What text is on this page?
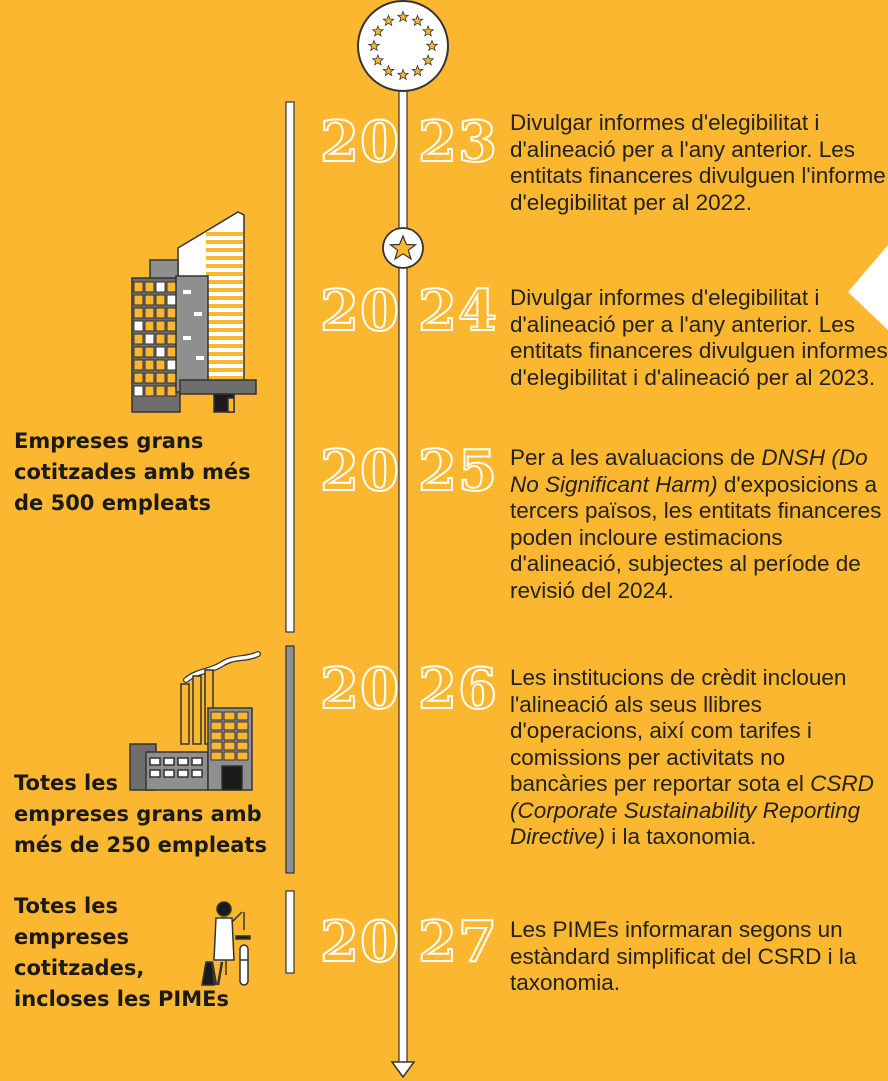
20 23
20 24
20 25
20 26
20 27

Divulgar informes d'elegibilitat i d'alineació per a l'any anterior. Les entitats financeres divulguen l'informe d'elegibilitat per al 2022.

Divulgar informes d'elegibilitat i d'alineació per a l'any anterior. Les entitats financeres divulguen informes d'elegibilitat i d'alineació per al 2023.

Per a les avaluacions de DNSH (Do No Significant Harm) d'exposicions a tercers països, les entitats financeres poden incloure estimacions d'alineació, subjectes al període de revisió del 2024.

Les institucions de crèdit inclouen l'alineació als seus llibres d'operacions, així com tarifes i comissions per activitats no bancàries per reportar sota el CSRD (Corporate Sustainability Reporting Directive) i la taxonomia.

Les PIMEs informaran segons un estàndard simplificat del CSRD i la taxonomia.

Empreses grans
cotitzades amb més
de 500 empleats
Totes les
empreses grans amb
més de 250 empleats
Totes les
empreses
cotitzades,
incloses les PIMEs
